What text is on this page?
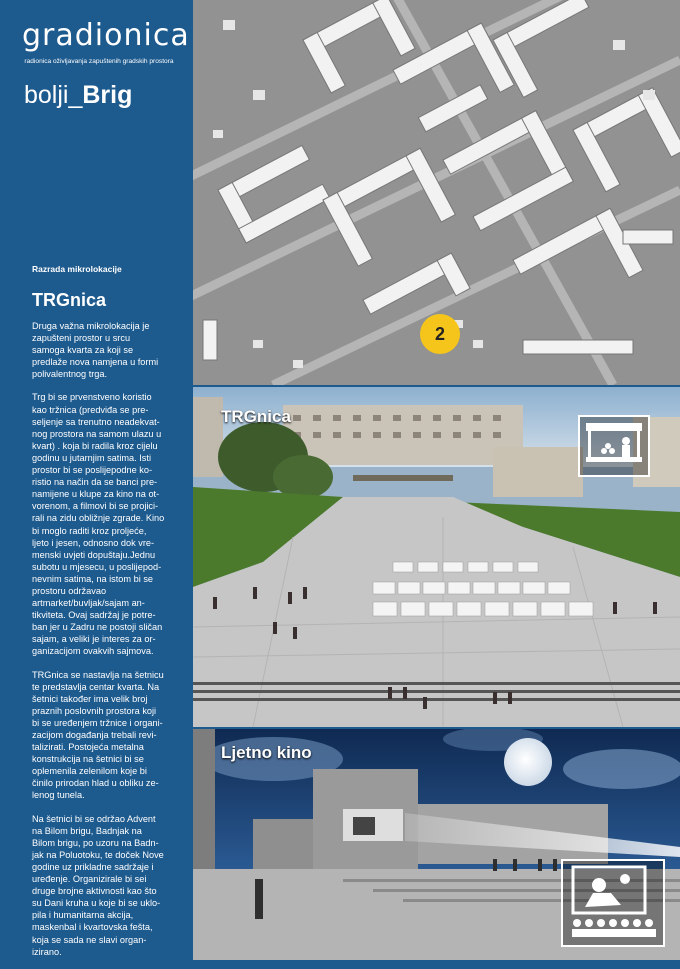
gradionica
radionica oživljavanja zapuštenih gradskih prostora
bolji_Brig
Razrada mikrolokacije
TRGnica

Druga važna mikrolokacija je
zapušteni prostor u srcu
samoga kvarta za koji se
predlaže nova namjena u formi
polivalentnog trga.

Trg bi se prvenstveno koristio
kao tržnica (predviđa se pre-
seljenje sa trenutno neadekvat-
nog prostora na samom ulazu u
kvart) . koja bi radila kroz cijelu
godinu u jutarnjim satima. Isti
prostor bi se poslijepodne ko-
ristio na način da se banci pre-
namijene u klupe za kino na ot-
vorenom, a filmovi bi se projici-
rali na zidu obližnje zgrade. Kino
bi moglo raditi kroz proljeće,
ljeto i jesen, odnosno dok vre-
menski uvjeti dopuštaju.Jednu
subotu u mjesecu, u poslijepod-
nevnim satima, na istom bi se
prostoru održavao
artmarket/buvljak/sajam an-
tikviteta. Ovaj sadržaj je potre-
ban jer u Zadru ne postoji sličan
sajam, a veliki je interes za or-
ganizacijom ovakvih sajmova.

TRGnica se nastavlja na šetnicu
te predstavlja centar kvarta. Na
šetnici također ima velik broj
praznih poslovnih prostora koji
bi se uređenjem tržnice i organi-
zacijom događanja trebali revi-
talizirati. Postojeća metalna
konstrukcija na šetnici bi se
oplemenila zelenilom koje bi
činilo prirodan hlad u obliku ze-
lenog tunela.

Na šetnici bi se održao Advent
na Bilom brigu, Badnjak na
Bilom brigu, po uzoru na Badn-
jak na Poluotoku, te doček Nove
godine uz prikladne sadržaje i
uređenje. Organizirale bi sei
druge brojne aktivnosti kao što
su Dani kruha u koje bi se uklo-
pila i humanitarna akcija,
maskenbal i kvartovska fešta,
koja se sada ne slavi organ-
izirano.

2
TRGnica
Ljetno kino
